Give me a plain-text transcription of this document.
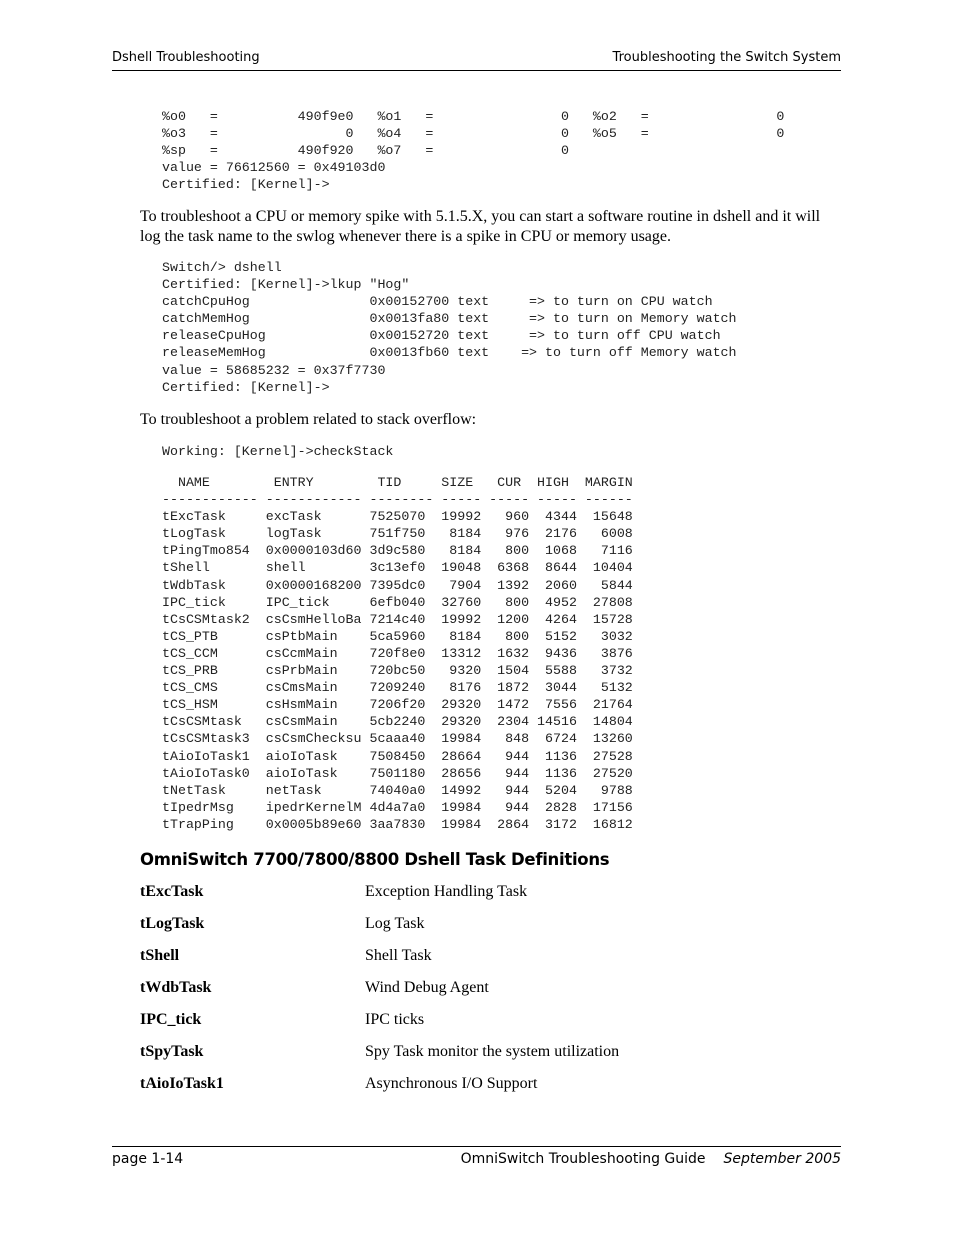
Dshell Troubleshooting	Troubleshooting the Switch System
%o0   =          490f9e0   %o1   =                0   %o2   =                0
%o3   =                0   %o4   =                0   %o5   =                0
%sp   =          490f920   %o7   =                0
value = 76612560 = 0x49103d0
Certified: [Kernel]->

To troubleshoot a CPU or memory spike with 5.1.5.X, you can start a software routine in dshell and it will log the task name to the swlog whenever there is a spike in CPU or memory usage.

Switch/> dshell
Certified: [Kernel]->lkup "Hog"
catchCpuHog               0x00152700 text     => to turn on CPU watch
catchMemHog               0x0013fa80 text     => to turn on Memory watch
releaseCpuHog             0x00152720 text     => to turn off CPU watch
releaseMemHog             0x0013fb60 text    => to turn off Memory watch
value = 58685232 = 0x37f7730
Certified: [Kernel]->

To troubleshoot a problem related to stack overflow:

Working: [Kernel]->checkStack
NAME        ENTRY        TID     SIZE   CUR  HIGH  MARGIN
------------ ------------ -------- ----- ----- ----- ------
tExcTask     excTask      7525070  19992   960  4344  15648
tLogTask     logTask      751f750   8184   976  2176   6008
tPingTmo854  0x0000103d60 3d9c580   8184   800  1068   7116
tShell       shell        3c13ef0  19048  6368  8644  10404
tWdbTask     0x0000168200 7395dc0   7904  1392  2060   5844
IPC_tick     IPC_tick     6efb040  32760   800  4952  27808
tCsCSMtask2  csCsmHelloBa 7214c40  19992  1200  4264  15728
tCS_PTB      csPtbMain    5ca5960   8184   800  5152   3032
tCS_CCM      csCcmMain    720f8e0  13312  1632  9436   3876
tCS_PRB      csPrbMain    720bc50   9320  1504  5588   3732
tCS_CMS      csCmsMain    7209240   8176  1872  3044   5132
tCS_HSM      csHsmMain    7206f20  29320  1472  7556  21764
tCsCSMtask   csCsmMain    5cb2240  29320  2304 14516  14804
tCsCSMtask3  csCsmChecksu 5caaa40  19984   848  6724  13260
tAioIoTask1  aioIoTask    7508450  28664   944  1136  27528
tAioIoTask0  aioIoTask    7501180  28656   944  1136  27520
tNetTask     netTask      74040a0  14992   944  5204   9788
tIpedrMsg    ipedrKernelM 4d4a7a0  19984   944  2828  17156
tTrapPing    0x0005b89e60 3aa7830  19984  2864  3172  16812
OmniSwitch 7700/7800/8800 Dshell Task Definitions
tExcTask	Exception Handling Task
tLogTask	Log Task
tShell	Shell Task
tWdbTask	Wind Debug Agent
IPC_tick	IPC ticks
tSpyTask	Spy Task monitor the system utilization
tAioIoTask1	Asynchronous I/O Support
page 1-14	OmniSwitch Troubleshooting Guide September 2005
